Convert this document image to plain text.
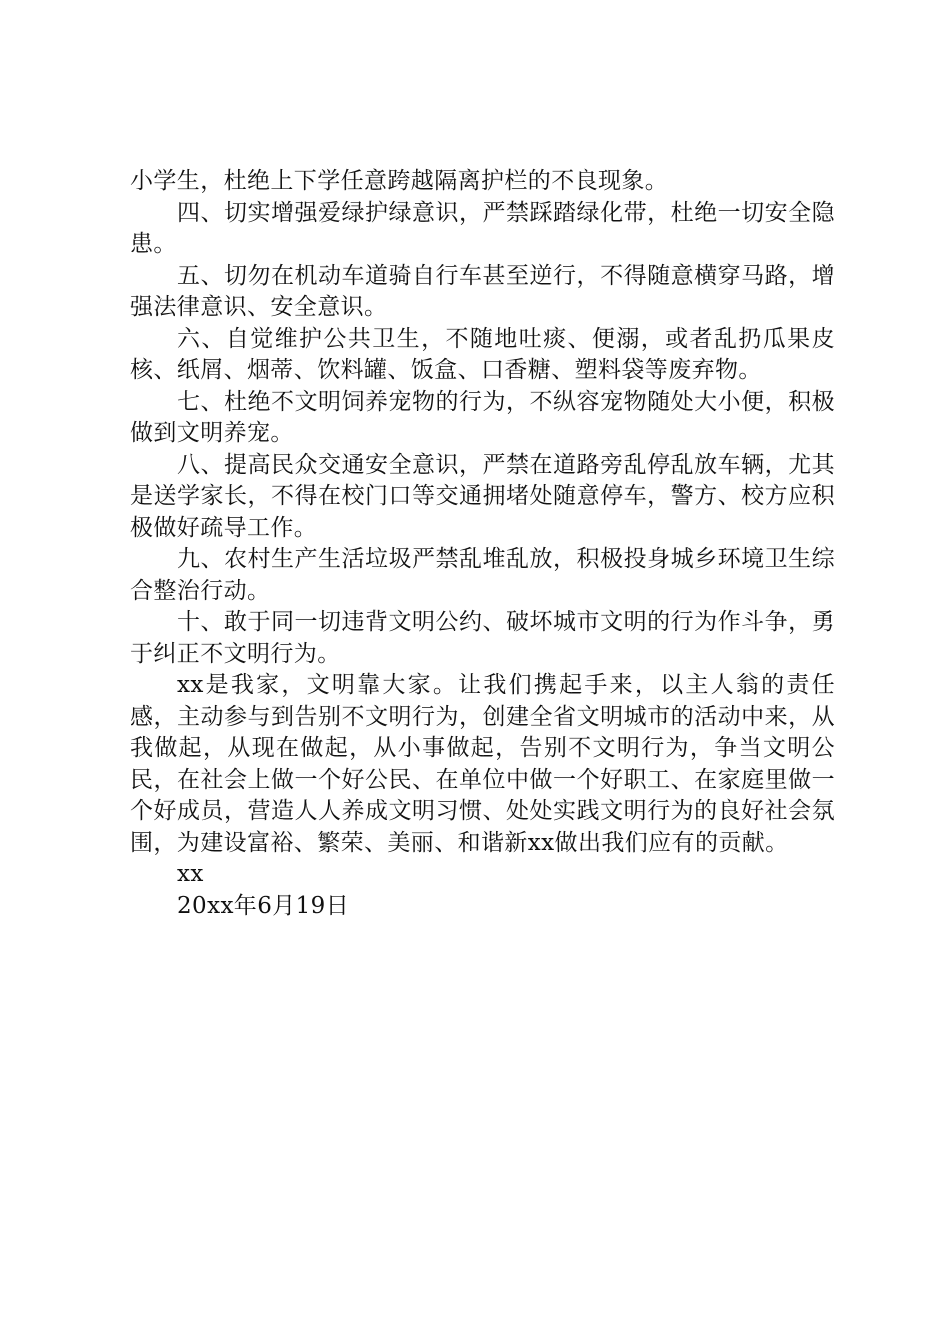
小学生，杜绝上下学任意跨越隔离护栏的不良现象。

四、切实增强爱绿护绿意识，严禁踩踏绿化带，杜绝一切安全隐患。

五、切勿在机动车道骑自行车甚至逆行，不得随意横穿马路，增强法律意识、安全意识。

六、自觉维护公共卫生，不随地吐痰、便溺，或者乱扔瓜果皮核、纸屑、烟蒂、饮料罐、饭盒、口香糖、塑料袋等废弃物。

七、杜绝不文明饲养宠物的行为，不纵容宠物随处大小便，积极做到文明养宠。

八、提高民众交通安全意识，严禁在道路旁乱停乱放车辆，尤其是送学家长，不得在校门口等交通拥堵处随意停车，警方、校方应积极做好疏导工作。

九、农村生产生活垃圾严禁乱堆乱放，积极投身城乡环境卫生综合整治行动。

十、敢于同一切违背文明公约、破坏城市文明的行为作斗争，勇于纠正不文明行为。

xx是我家，文明靠大家。让我们携起手来，以主人翁的责任感，主动参与到告别不文明行为，创建全省文明城市的活动中来，从我做起，从现在做起，从小事做起，告别不文明行为，争当文明公民，在社会上做一个好公民、在单位中做一个好职工、在家庭里做一个好成员，营造人人养成文明习惯、处处实践文明行为的良好社会氛围，为建设富裕、繁荣、美丽、和谐新xx做出我们应有的贡献。

xx

20xx年6月19日
